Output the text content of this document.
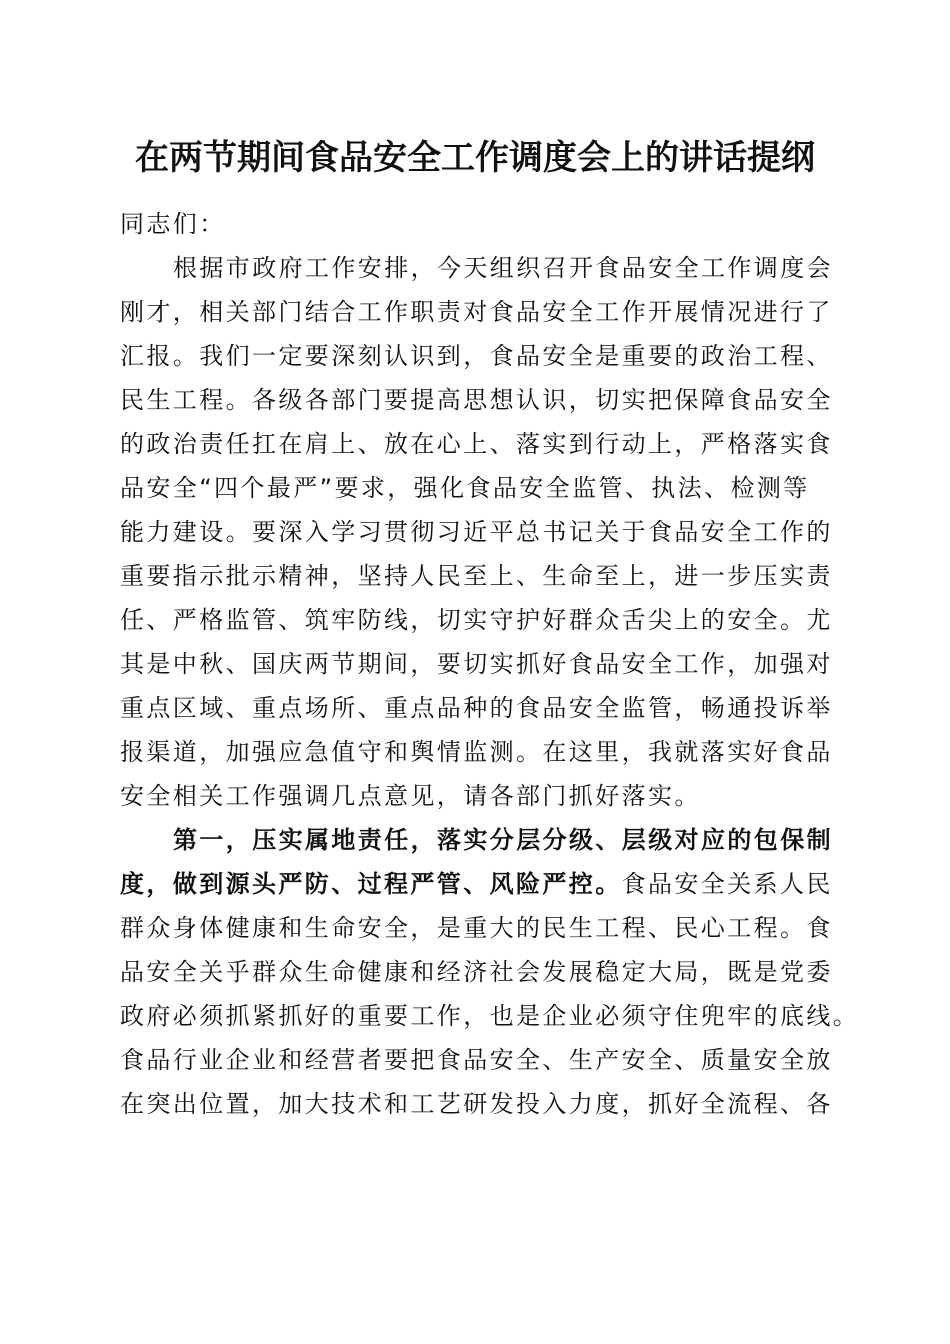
在两节期间食品安全工作调度会上的讲话提纲
同志们：
根据市政府工作安排，今天组织召开食品安全工作调度会
刚才，相关部门结合工作职责对食品安全工作开展情况进行了
汇报。我们一定要深刻认识到，食品安全是重要的政治工程、
民生工程。各级各部门要提高思想认识，切实把保障食品安全
的政治责任扛在肩上、放在心上、落实到行动上，严格落实食
品安全“四个最严”要求，强化食品安全监管、执法、检测等
能力建设。要深入学习贯彻习近平总书记关于食品安全工作的
重要指示批示精神，坚持人民至上、生命至上，进一步压实责
任、严格监管、筑牢防线，切实守护好群众舌尖上的安全。尤
其是中秋、国庆两节期间，要切实抓好食品安全工作，加强对
重点区域、重点场所、重点品种的食品安全监管，畅通投诉举
报渠道，加强应急值守和舆情监测。在这里，我就落实好食品
安全相关工作强调几点意见，请各部门抓好落实。
第一，压实属地责任，落实分层分级、层级对应的包保制
度，做到源头严防、过程严管、风险严控。食品安全关系人民
群众身体健康和生命安全，是重大的民生工程、民心工程。食
品安全关乎群众生命健康和经济社会发展稳定大局，既是党委
政府必须抓紧抓好的重要工作，也是企业必须守住兜牢的底线。
食品行业企业和经营者要把食品安全、生产安全、质量安全放
在突出位置，加大技术和工艺研发投入力度，抓好全流程、各
